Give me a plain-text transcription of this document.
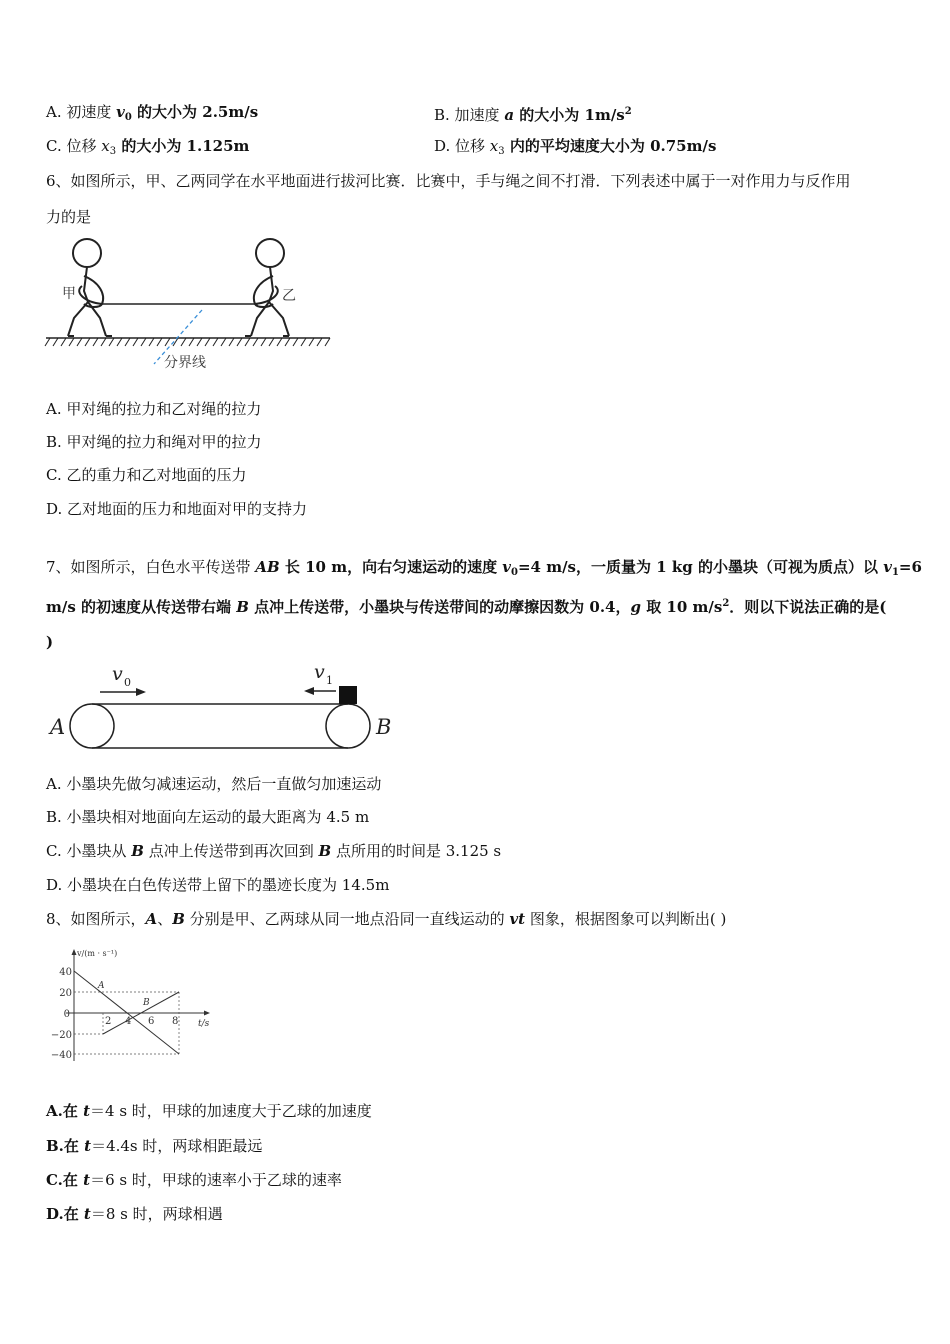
A. 初速度 $v_0$ 的大小为 2.5m/s	B. 加速度 a 的大小为 $1m/s^2$
C. 位移 $x_3$ 的大小为 1.125m	D. 位移 $x_3$ 内的平均速度大小为 0.75m/s
6、如图所示，甲、乙两同学在水平地面进行拔河比赛．比赛中，手与绳之间不打滑．下列表述中属于一对作用力与反作用
力的是
甲	乙
分界线
A. 甲对绳的拉力和乙对绳的拉力
B. 甲对绳的拉力和绳对甲的拉力
C. 乙的重力和乙对地面的压力
D. 乙对地面的压力和地面对甲的支持力
7、如图所示，白色水平传送带 AB 长 10 m，向右匀速运动的速度 $v_0=4$ m/s，一质量为 1 kg 的小墨块（可视为质点）以 $v_1=6$
m/s 的初速度从传送带右端 B 点冲上传送带，小墨块与传送带间的动摩擦因数为 0.4，g 取 10 $m/s^2$．则以下说法正确的是(
)
v 0	v 1
A	B
A. 小墨块先做匀减速运动，然后一直做匀加速运动
B. 小墨块相对地面向左运动的最大距离为 4.5 m
C. 小墨块从 B 点冲上传送带到再次回到 B 点所用的时间是 3.125 s
D. 小墨块在白色传送带上留下的墨迹长度为 14.5m
8、如图所示，A、B 分别是甲、乙两球从同一地点沿同一直线运动的 vt 图象，根据图象可以判断出( )
v/(m · s⁻¹)
t/s
A
B
40
20
0
−20
−40
2 4 6 8
A.在 t＝4 s 时，甲球的加速度大于乙球的加速度
B.在 t＝4.4s 时，两球相距最远
C.在 t＝6 s 时，甲球的速率小于乙球的速率
D.在 t＝8 s 时，两球相遇
